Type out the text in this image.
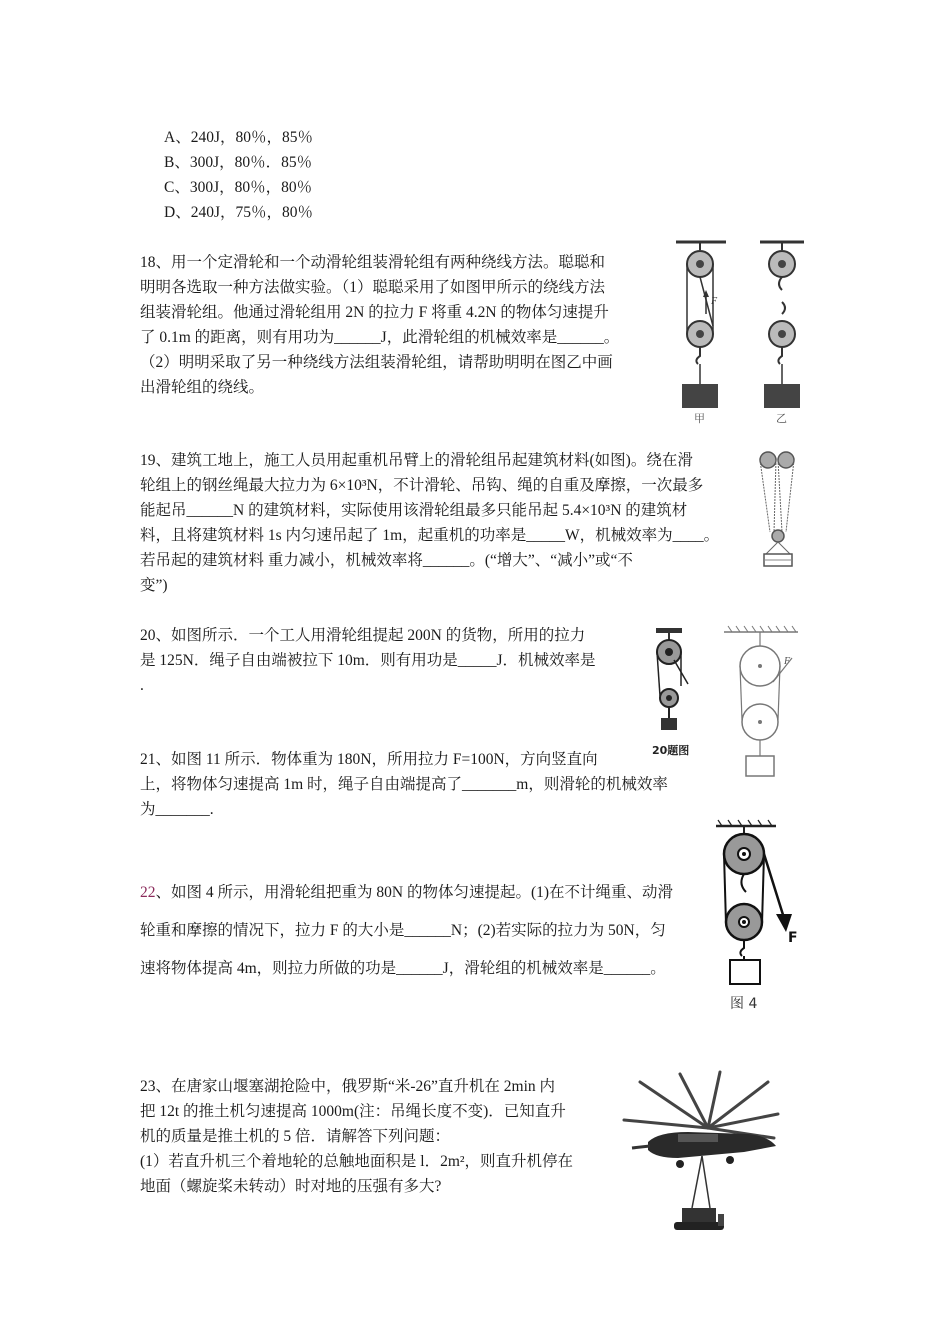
A、240J，80％，85％
B、300J，80％．85％
C、300J，80％，80％
D、240J，75％，80％
18、用一个定滑轮和一个动滑轮组装滑轮组有两种绕线方法。聪聪和
明明各选取一种方法做实验。（1）聪聪采用了如图甲所示的绕线方法
组装滑轮组。他通过滑轮组用 2N 的拉力 F 将重 4.2N 的物体匀速提升
了 0.1m 的距离，则有用功为______J，此滑轮组的机械效率是______。
（2）明明采取了另一种绕线方法组装滑轮组，请帮助明明在图乙中画
出滑轮组的绕线。
F
甲	乙
19、建筑工地上，施工人员用起重机吊臂上的滑轮组吊起建筑材料(如图)。绕在滑
轮组上的钢丝绳最大拉力为 6×10³N，不计滑轮、吊钩、绳的自重及摩擦，一次最多
能起吊______N 的建筑材料，实际使用该滑轮组最多只能吊起 5.4×10³N 的建筑材
料，且将建筑材料 1s 内匀速吊起了 1m，起重机的功率是_____W，机械效率为____。
若吊起的建筑材料 重力减小，机械效率将______。(“增大”、“减小”或“不
变”)
20、如图所示．一个工人用滑轮组提起 200N 的货物，所用的拉力
是 125N．绳子自由端被拉下 10m．则有用功是_____J．机械效率是
.
20题图
21、如图 11 所示．物体重为 180N，所用拉力 F=100N，方向竖直向
上，将物体匀速提高 1m 时，绳子自由端提高了_______m，则滑轮的机械效率
为_______.
F
22、如图 4 所示，用滑轮组把重为 80N 的物体匀速提起。(1)在不计绳重、动滑
轮重和摩擦的情况下，拉力 F 的大小是______N；(2)若实际的拉力为 50N，匀
速将物体提高 4m，则拉力所做的功是______J，滑轮组的机械效率是______。
F
图 4
23、在唐家山堰塞湖抢险中，俄罗斯“米-26”直升机在 2min 内
把 12t 的推土机匀速提高 1000m(注：吊绳长度不变)．已知直升
机的质量是推土机的 5 倍．请解答下列问题：
(1）若直升机三个着地轮的总触地面积是 l．2m²，则直升机停在
地面（螺旋桨未转动）时对地的压强有多大?
